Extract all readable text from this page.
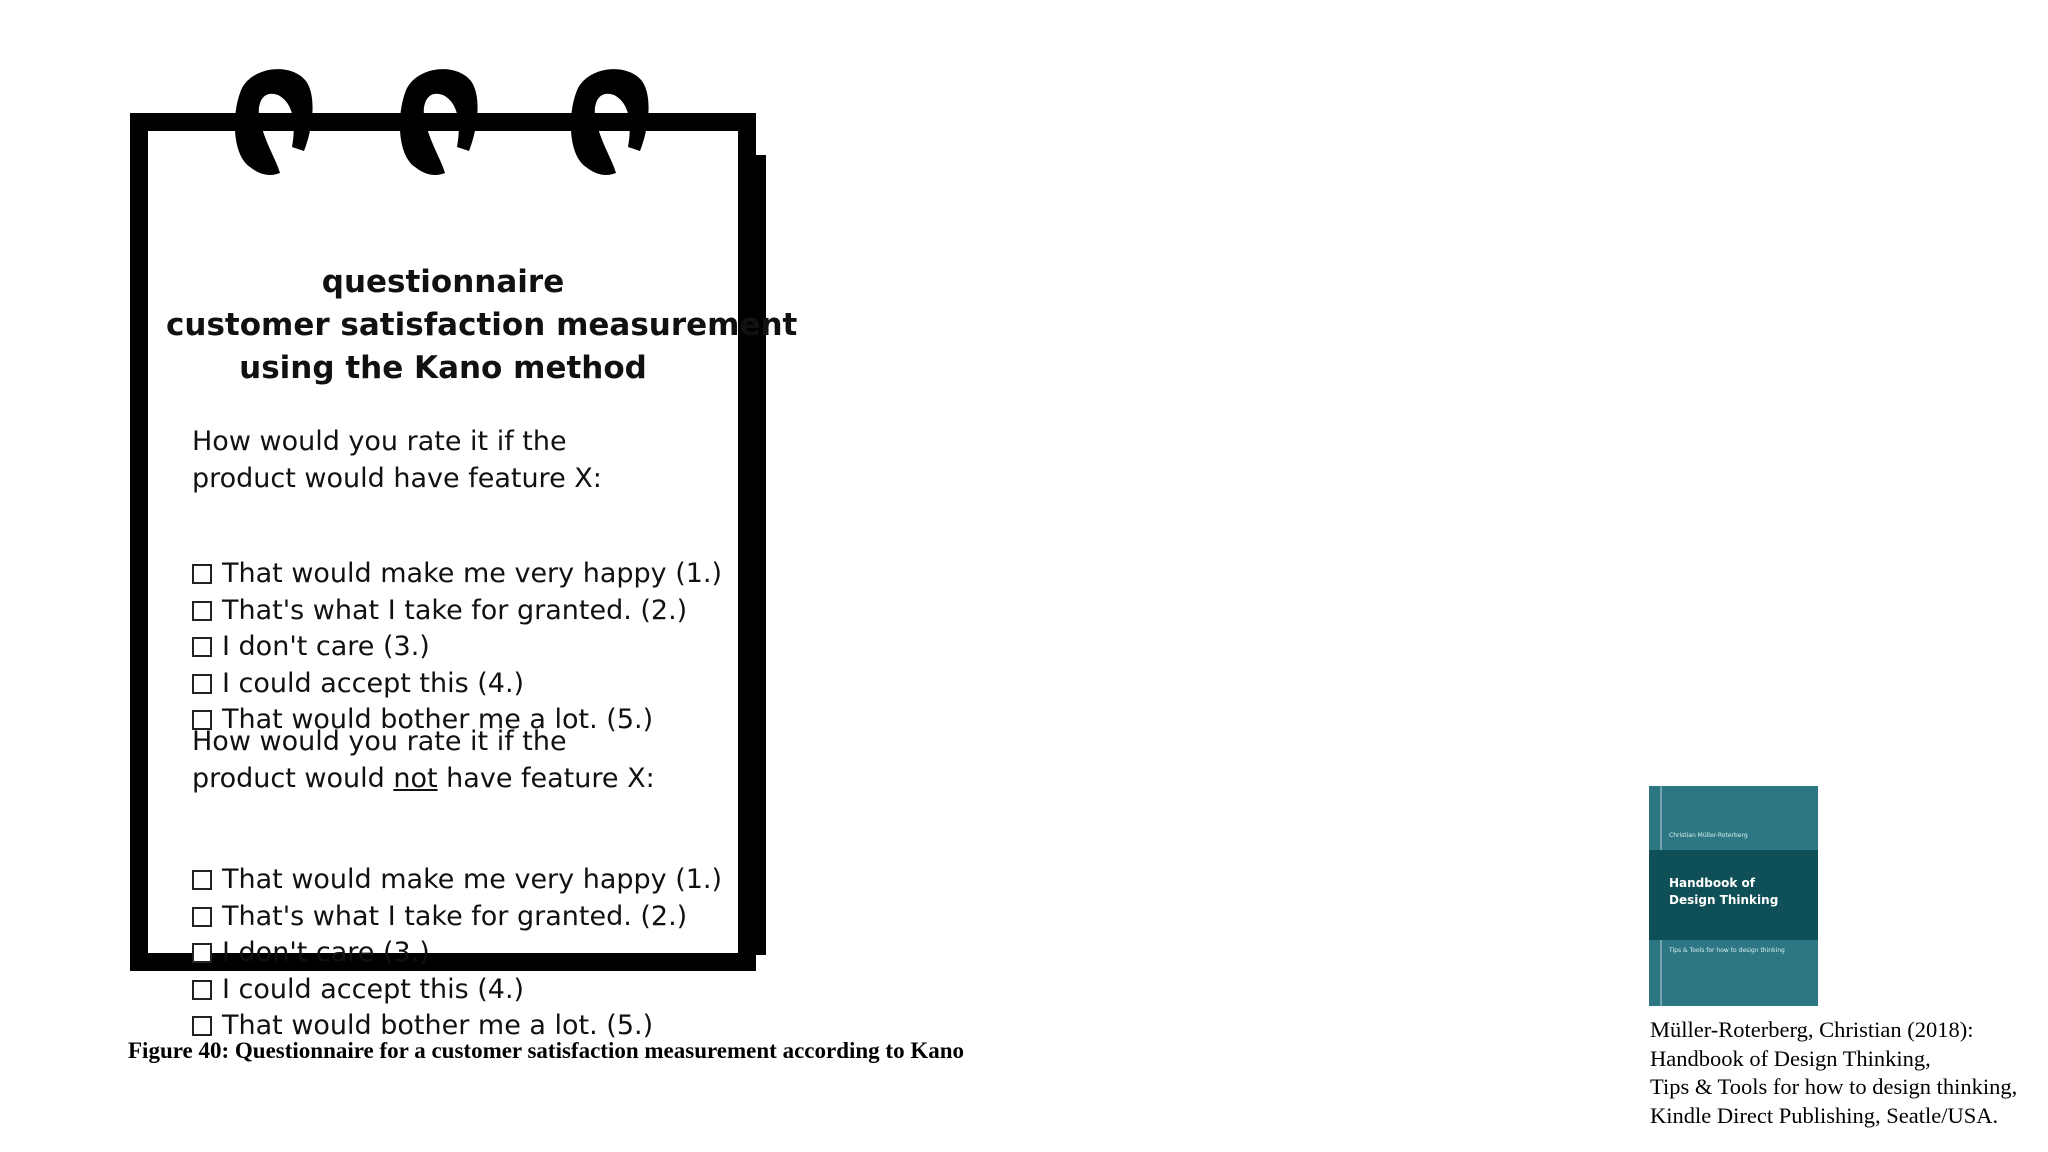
questionnaire
customer satisfaction measurement
using the Kano method
How would you rate it if the
product would have feature X:
That would make me very happy (1.)
That's what I take for granted. (2.)
I don't care (3.)
I could accept this (4.)
That would bother me a lot. (5.)
How would you rate it if the
product would not have feature X:
That would make me very happy (1.)
That's what I take for granted. (2.)
I don't care (3.)
I could accept this (4.)
That would bother me a lot. (5.)
Figure 40: Questionnaire for a customer satisfaction measurement according to Kano
Christian Müller-Roterberg
Handbook of
Design Thinking
Tips & Tools for how to design thinking
Müller-Roterberg, Christian (2018):
Handbook of Design Thinking,
Tips & Tools for how to design thinking,
Kindle Direct Publishing, Seatle/USA.
